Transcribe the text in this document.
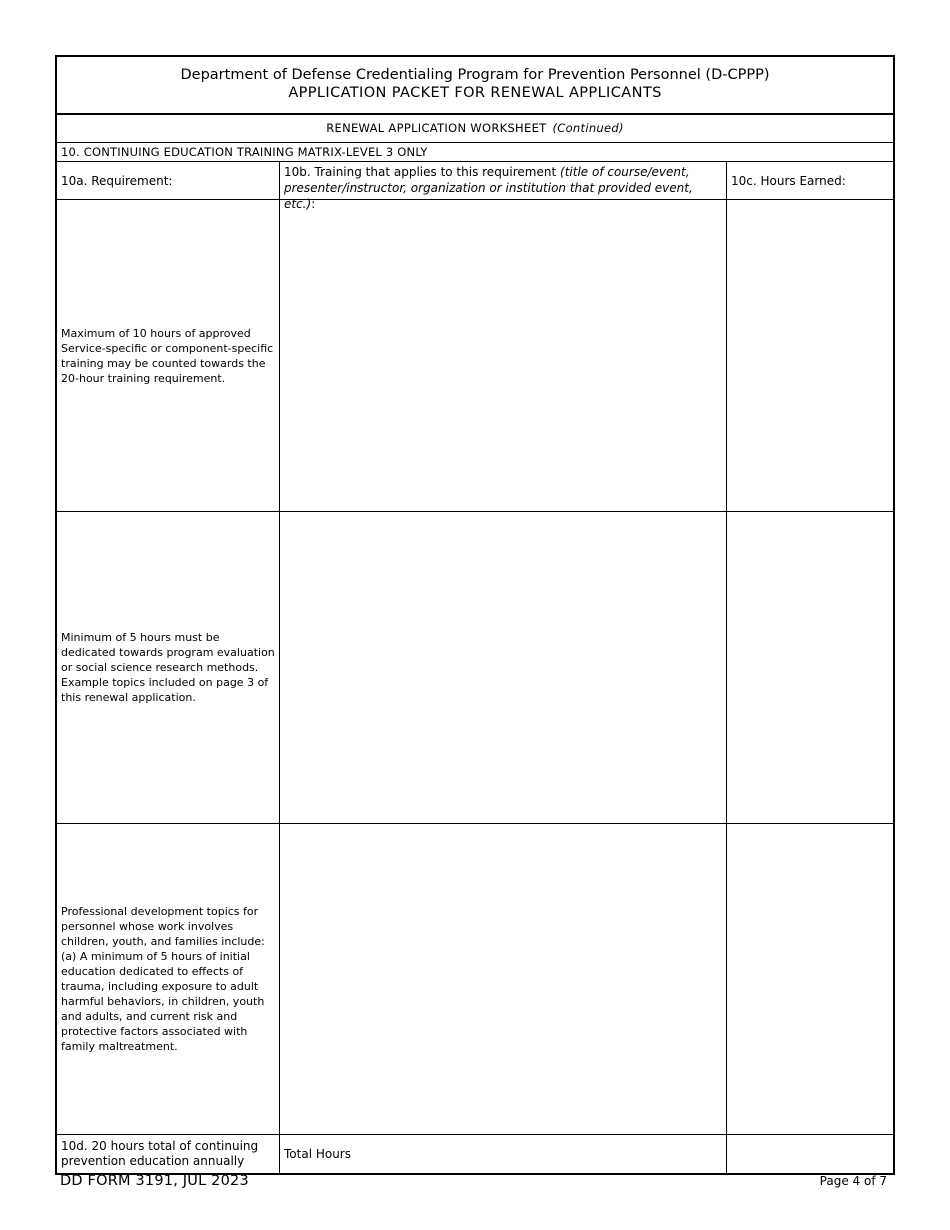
Department of Defense Credentialing Program for Prevention Personnel (D-CPPP)
APPLICATION PACKET FOR RENEWAL APPLICANTS
RENEWAL APPLICATION WORKSHEET (Continued)
10. CONTINUING EDUCATION TRAINING MATRIX-LEVEL 3 ONLY
10a. Requirement:
10b. Training that applies to this requirement (title of course/event, presenter/instructor, organization or institution that provided event, etc.):
10c. Hours Earned:
Maximum of 10 hours of approved Service-specific or component-specific training may be counted towards the 20-hour training requirement.
Minimum of 5 hours must be dedicated towards program evaluation or social science research methods. Example topics included on page 3 of this renewal application.
Professional development topics for personnel whose work involves children, youth, and families include:
(a) A minimum of 5 hours of initial education dedicated to effects of trauma, including exposure to adult harmful behaviors, in children, youth and adults, and current risk and protective factors associated with family maltreatment.
10d. 20 hours total of continuing prevention education annually	Total Hours
DD FORM 3191, JUL 2023	Page 4 of 7
